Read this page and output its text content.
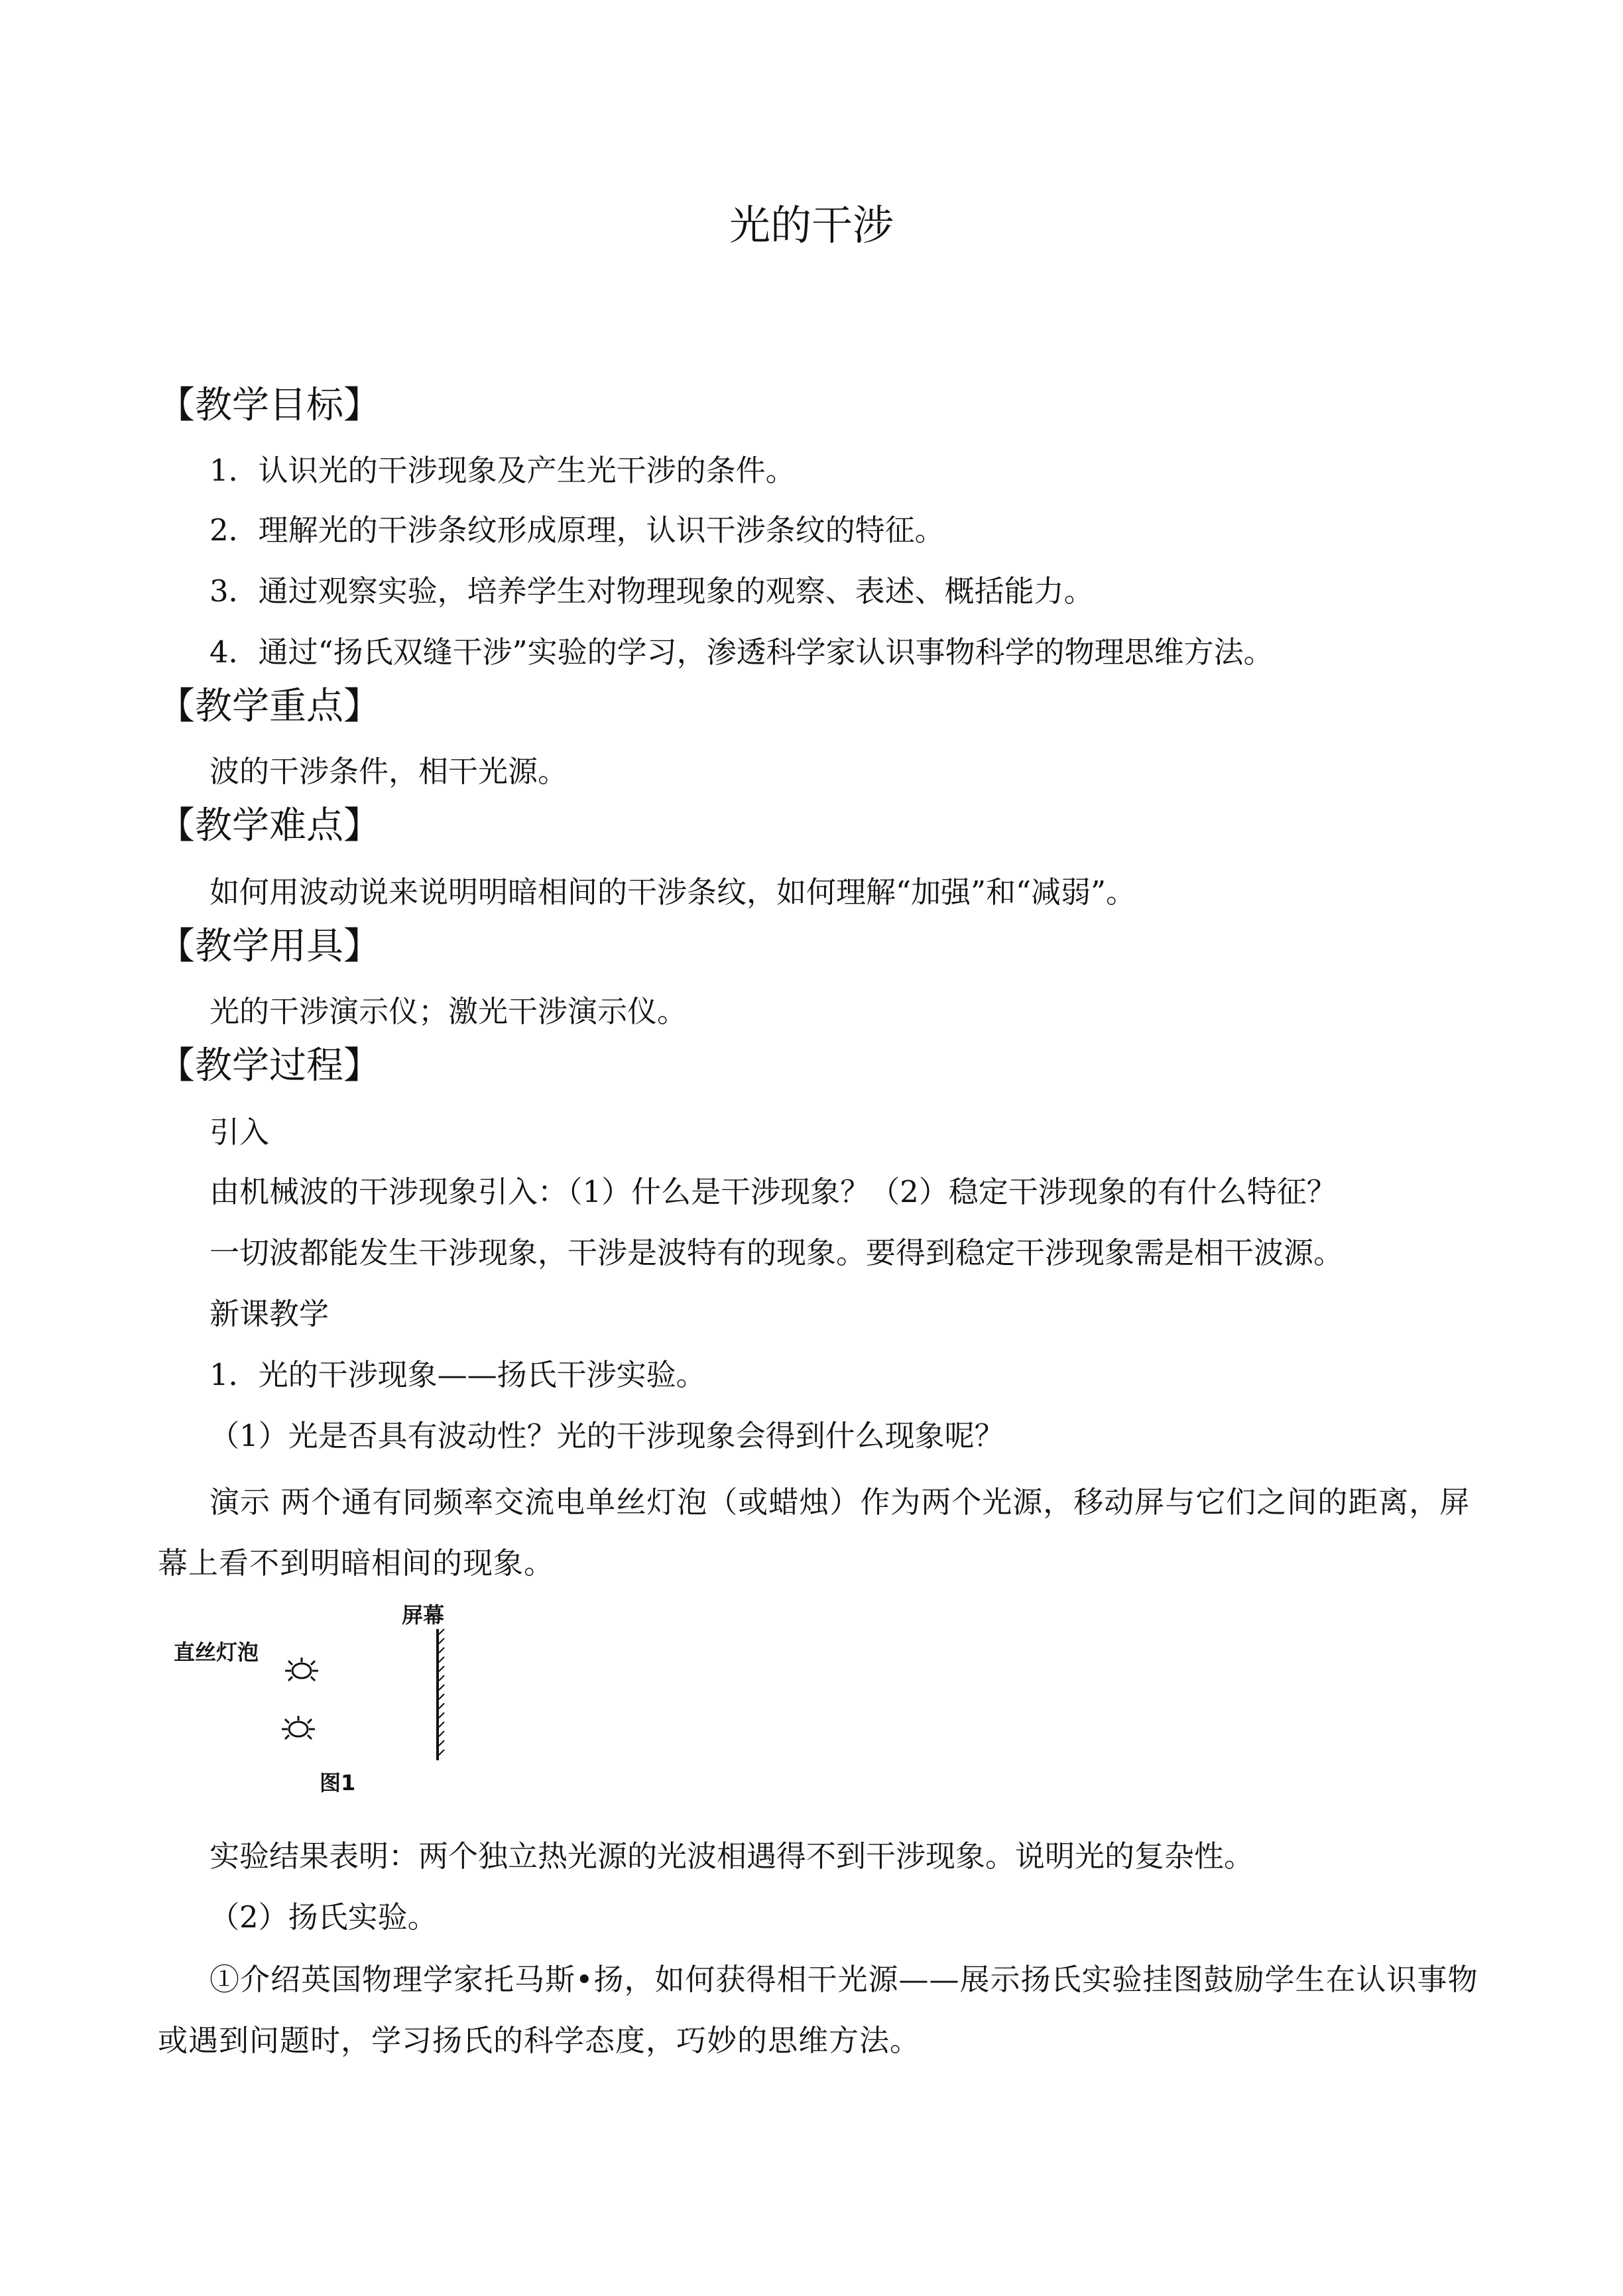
光的干涉
【教学目标】
1．认识光的干涉现象及产生光干涉的条件。
2．理解光的干涉条纹形成原理，认识干涉条纹的特征。
3．通过观察实验，培养学生对物理现象的观察、表述、概括能力。
4．通过“扬氏双缝干涉”实验的学习，渗透科学家认识事物科学的物理思维方法。
【教学重点】
波的干涉条件，相干光源。
【教学难点】
如何用波动说来说明明暗相间的干涉条纹，如何理解“加强”和“减弱”。
【教学用具】
光的干涉演示仪；激光干涉演示仪。
【教学过程】
引入
由机械波的干涉现象引入：（1）什么是干涉现象？（2）稳定干涉现象的有什么特征？
一切波都能发生干涉现象，干涉是波特有的现象。要得到稳定干涉现象需是相干波源。
新课教学
1．光的干涉现象——扬氏干涉实验。
（1）光是否具有波动性？光的干涉现象会得到什么现象呢？
演示 两个通有同频率交流电单丝灯泡（或蜡烛）作为两个光源，移动屏与它们之间的距离，屏幕上看不到明暗相间的现象。
直丝灯泡
屏幕
图1
实验结果表明：两个独立热光源的光波相遇得不到干涉现象。说明光的复杂性。
（2）扬氏实验。
①介绍英国物理学家托马斯•扬，如何获得相干光源——展示扬氏实验挂图鼓励学生在认识事物或遇到问题时，学习扬氏的科学态度，巧妙的思维方法。
